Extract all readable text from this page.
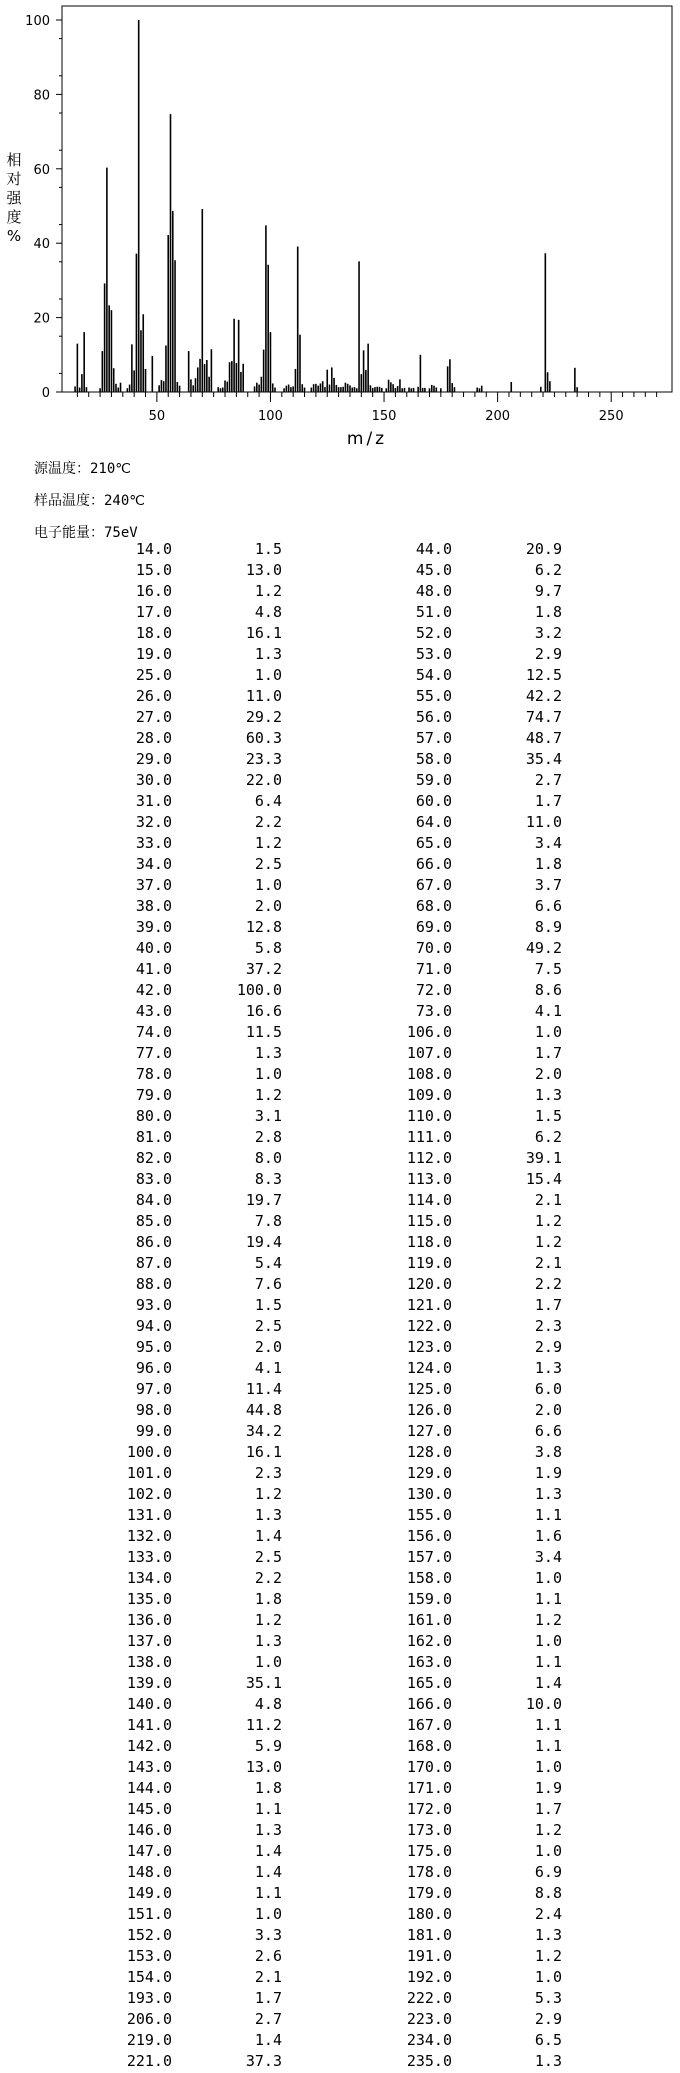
0
20
40
60
80
100
50	100	150	200	250
m/z
相对强度%
源温度：210℃
样品温度：240℃
电子能量：75eV
14.0	1.5
15.0	13.0
16.0	1.2
17.0	4.8
18.0	16.1
19.0	1.3
25.0	1.0
26.0	11.0
27.0	29.2
28.0	60.3
29.0	23.3
30.0	22.0
31.0	6.4
32.0	2.2
33.0	1.2
34.0	2.5
37.0	1.0
38.0	2.0
39.0	12.8
40.0	5.8
41.0	37.2
42.0	100.0
43.0	16.6
74.0	11.5
77.0	1.3
78.0	1.0
79.0	1.2
80.0	3.1
81.0	2.8
82.0	8.0
83.0	8.3
84.0	19.7
85.0	7.8
86.0	19.4
87.0	5.4
88.0	7.6
93.0	1.5
94.0	2.5
95.0	2.0
96.0	4.1
97.0	11.4
98.0	44.8
99.0	34.2
100.0	16.1
101.0	2.3
102.0	1.2
131.0	1.3
132.0	1.4
133.0	2.5
134.0	2.2
135.0	1.8
136.0	1.2
137.0	1.3
138.0	1.0
139.0	35.1
140.0	4.8
141.0	11.2
142.0	5.9
143.0	13.0
144.0	1.8
145.0	1.1
146.0	1.3
147.0	1.4
148.0	1.4
149.0	1.1
151.0	1.0
152.0	3.3
153.0	2.6
154.0	2.1
193.0	1.7
206.0	2.7
219.0	1.4
221.0	37.3
44.0	20.9
45.0	6.2
48.0	9.7
51.0	1.8
52.0	3.2
53.0	2.9
54.0	12.5
55.0	42.2
56.0	74.7
57.0	48.7
58.0	35.4
59.0	2.7
60.0	1.7
64.0	11.0
65.0	3.4
66.0	1.8
67.0	3.7
68.0	6.6
69.0	8.9
70.0	49.2
71.0	7.5
72.0	8.6
73.0	4.1
106.0	1.0
107.0	1.7
108.0	2.0
109.0	1.3
110.0	1.5
111.0	6.2
112.0	39.1
113.0	15.4
114.0	2.1
115.0	1.2
118.0	1.2
119.0	2.1
120.0	2.2
121.0	1.7
122.0	2.3
123.0	2.9
124.0	1.3
125.0	6.0
126.0	2.0
127.0	6.6
128.0	3.8
129.0	1.9
130.0	1.3
155.0	1.1
156.0	1.6
157.0	3.4
158.0	1.0
159.0	1.1
161.0	1.2
162.0	1.0
163.0	1.1
165.0	1.4
166.0	10.0
167.0	1.1
168.0	1.1
170.0	1.0
171.0	1.9
172.0	1.7
173.0	1.2
175.0	1.0
178.0	6.9
179.0	8.8
180.0	2.4
181.0	1.3
191.0	1.2
192.0	1.0
222.0	5.3
223.0	2.9
234.0	6.5
235.0	1.3
